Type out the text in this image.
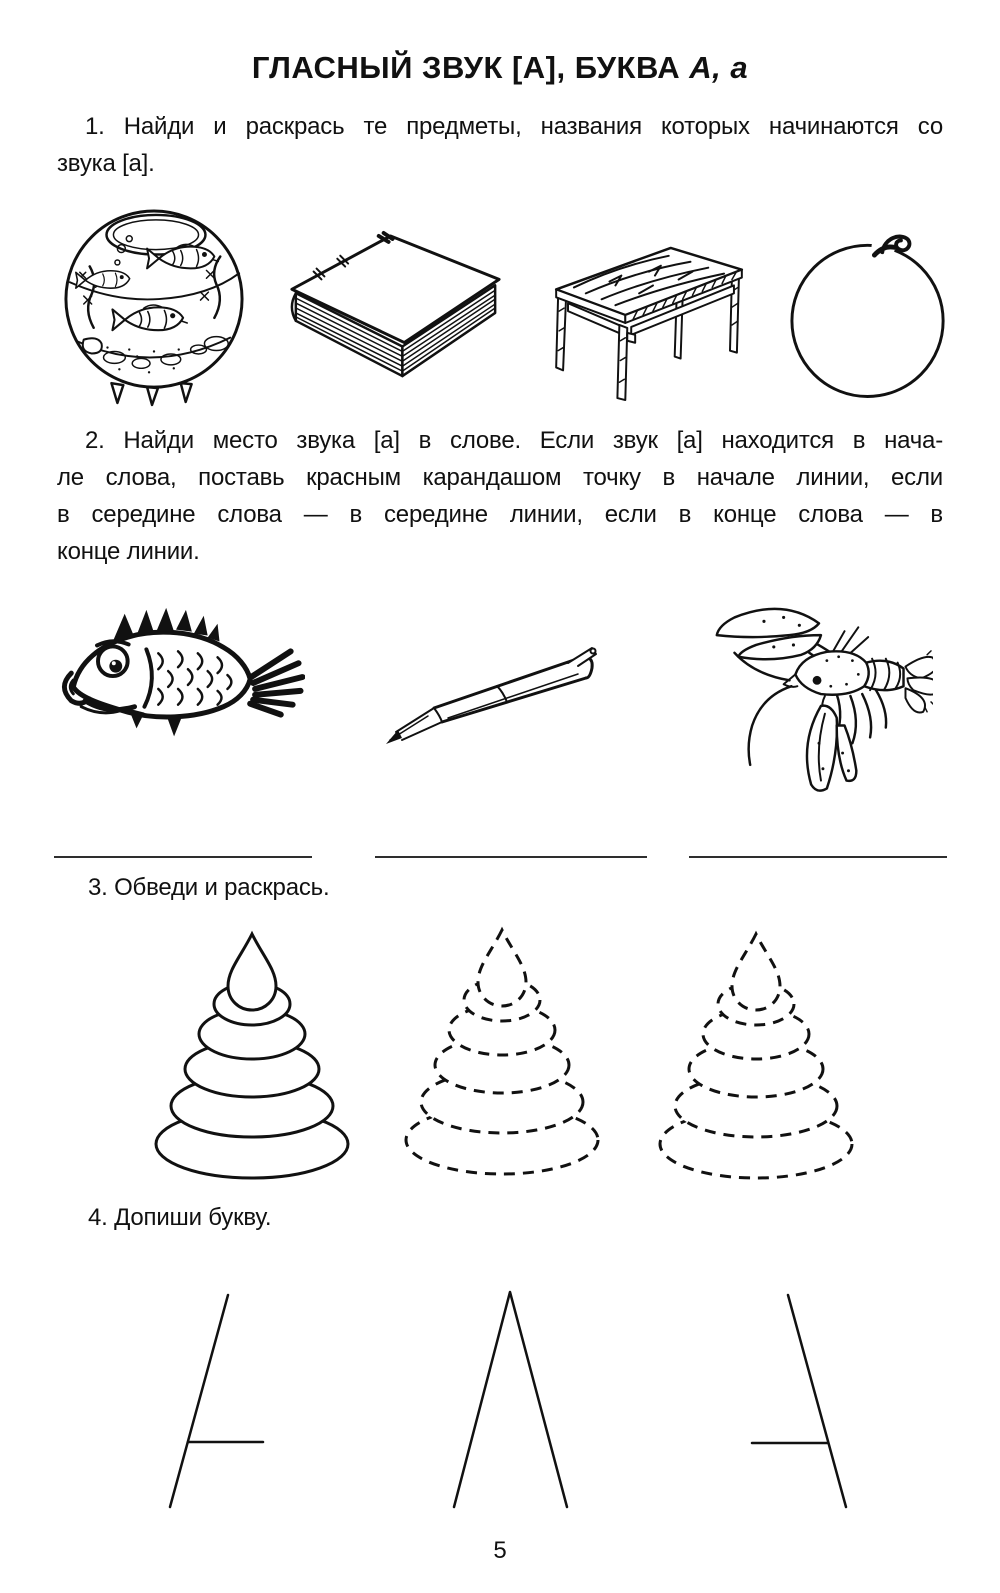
ГЛАСНЫЙ ЗВУК [А], БУКВА А, а
1. Найди и раскрась те предметы, названия которых начинаются со
звука [а].
2. Найди место звука [а] в слове. Если звук [а] находится в нача-
ле слова, поставь красным карандашом точку в начале линии, если
в середине слова — в середине линии, если в конце слова — в
конце линии.
3. Обведи и раскрась.
4. Допиши букву.
5
